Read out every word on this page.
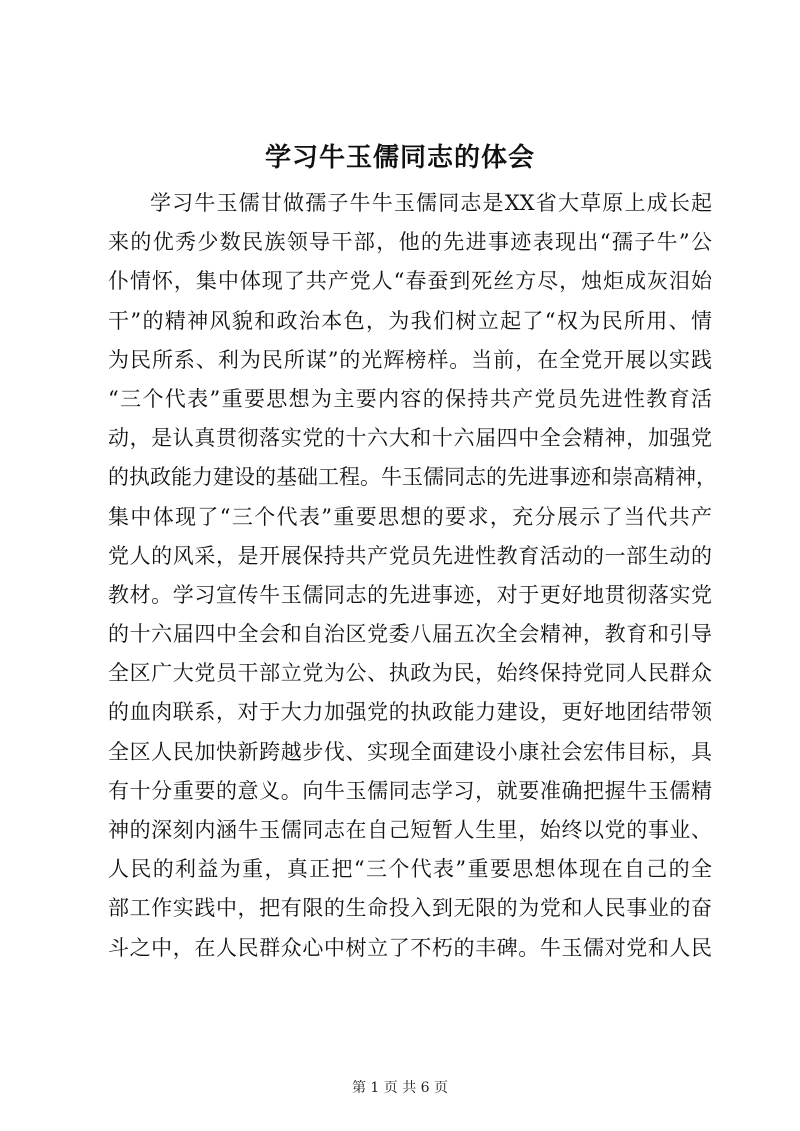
学习牛玉儒同志的体会
学习牛玉儒甘做孺子牛牛玉儒同志是XX省大草原上成长起
来的优秀少数民族领导干部，他的先进事迹表现出“孺子牛”公
仆情怀，集中体现了共产党人“春蚕到死丝方尽，烛炬成灰泪始
干”的精神风貌和政治本色，为我们树立起了“权为民所用、情
为民所系、利为民所谋”的光辉榜样。当前，在全党开展以实践
“三个代表”重要思想为主要内容的保持共产党员先进性教育活
动，是认真贯彻落实党的十六大和十六届四中全会精神，加强党
的执政能力建设的基础工程。牛玉儒同志的先进事迹和崇高精神，
集中体现了“三个代表”重要思想的要求，充分展示了当代共产
党人的风采，是开展保持共产党员先进性教育活动的一部生动的
教材。学习宣传牛玉儒同志的先进事迹，对于更好地贯彻落实党
的十六届四中全会和自治区党委八届五次全会精神，教育和引导
全区广大党员干部立党为公、执政为民，始终保持党同人民群众
的血肉联系，对于大力加强党的执政能力建设，更好地团结带领
全区人民加快新跨越步伐、实现全面建设小康社会宏伟目标，具
有十分重要的意义。向牛玉儒同志学习，就要准确把握牛玉儒精
神的深刻内涵牛玉儒同志在自己短暂人生里，始终以党的事业、
人民的利益为重，真正把“三个代表”重要思想体现在自己的全
部工作实践中，把有限的生命投入到无限的为党和人民事业的奋
斗之中，在人民群众心中树立了不朽的丰碑。牛玉儒对党和人民
第 1 页 共 6 页
